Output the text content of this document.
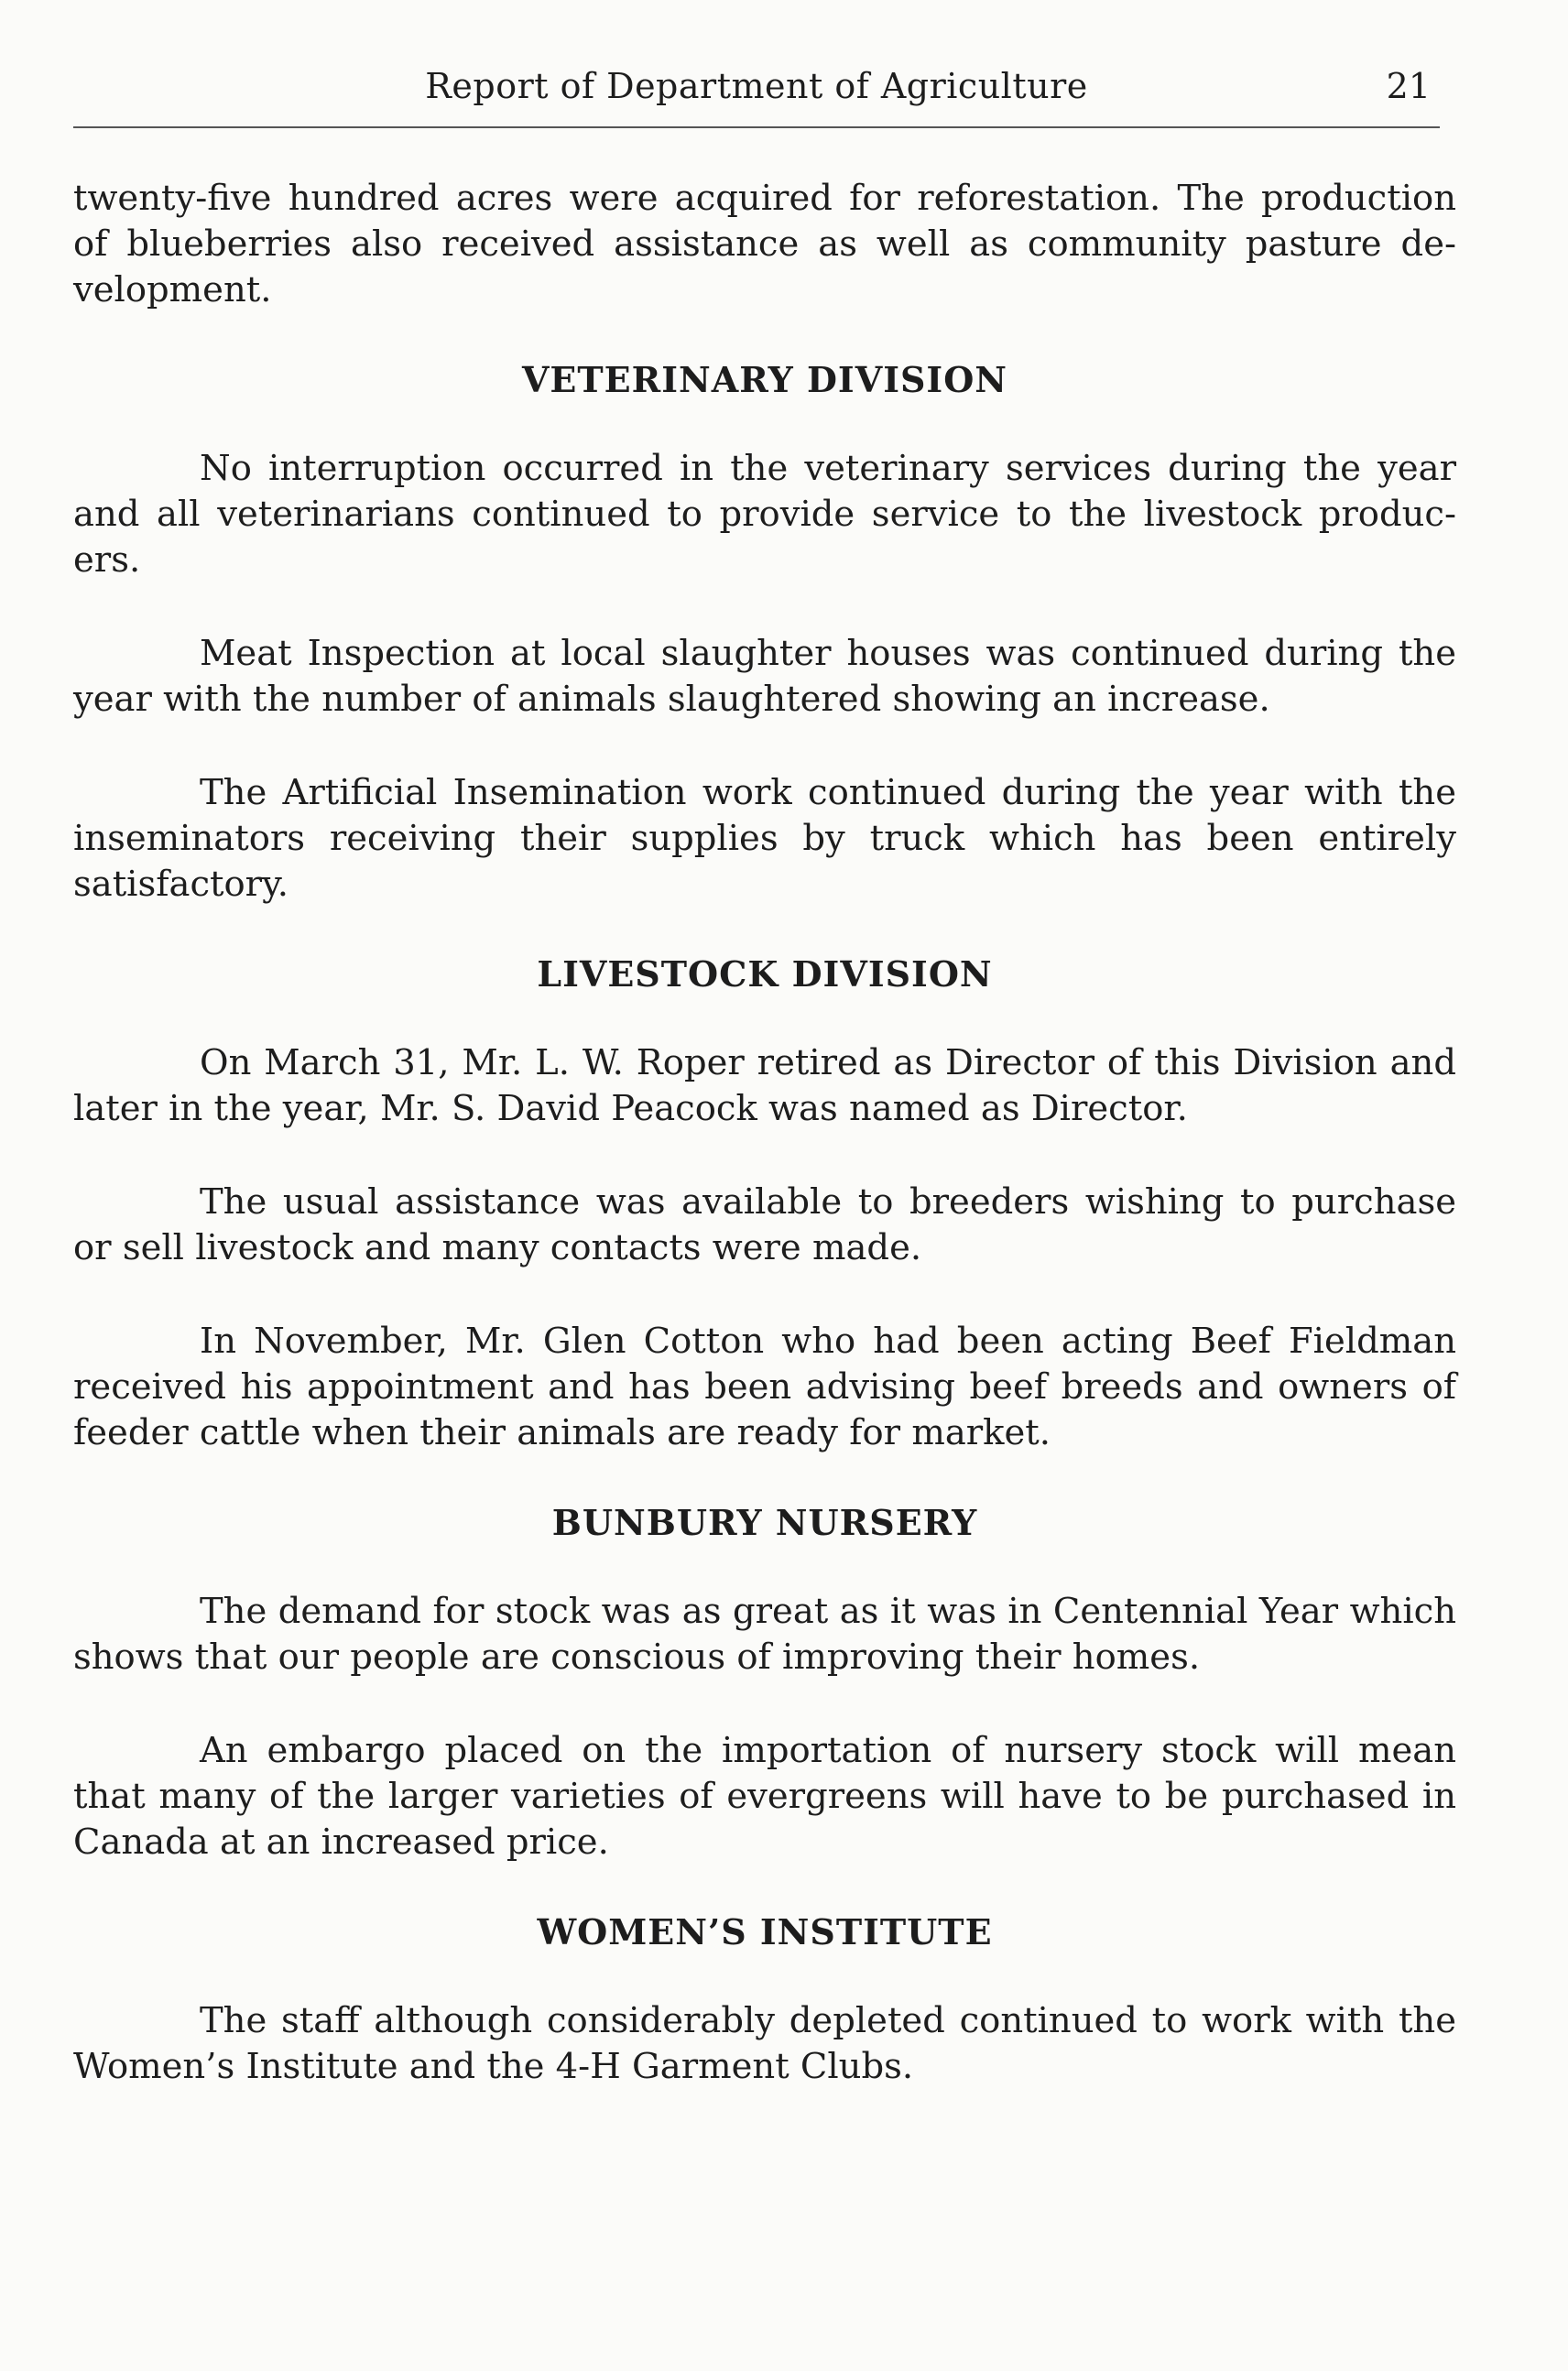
Report of Department of Agriculture	21

twenty-five hundred acres were acquired for reforestation. The production of blueberries also received assistance as well as community pasture de-velopment.

VETERINARY DIVISION

No interruption occurred in the veterinary services during the year and all veterinarians continued to provide service to the livestock produc-ers.

Meat Inspection at local slaughter houses was continued during the year with the number of animals slaughtered showing an increase.

The Artificial Insemination work continued during the year with the inseminators receiving their supplies by truck which has been entirely satisfactory.

LIVESTOCK DIVISION

On March 31, Mr. L. W. Roper retired as Director of this Division and later in the year, Mr. S. David Peacock was named as Director.

The usual assistance was available to breeders wishing to purchase or sell livestock and many contacts were made.

In November, Mr. Glen Cotton who had been acting Beef Fieldman received his appointment and has been advising beef breeds and owners of feeder cattle when their animals are ready for market.

BUNBURY NURSERY

The demand for stock was as great as it was in Centennial Year which shows that our people are conscious of improving their homes.

An embargo placed on the importation of nursery stock will mean that many of the larger varieties of evergreens will have to be purchased in Canada at an increased price.

WOMEN’S INSTITUTE

The staff although considerably depleted continued to work with the Women’s Institute and the 4-H Garment Clubs.
